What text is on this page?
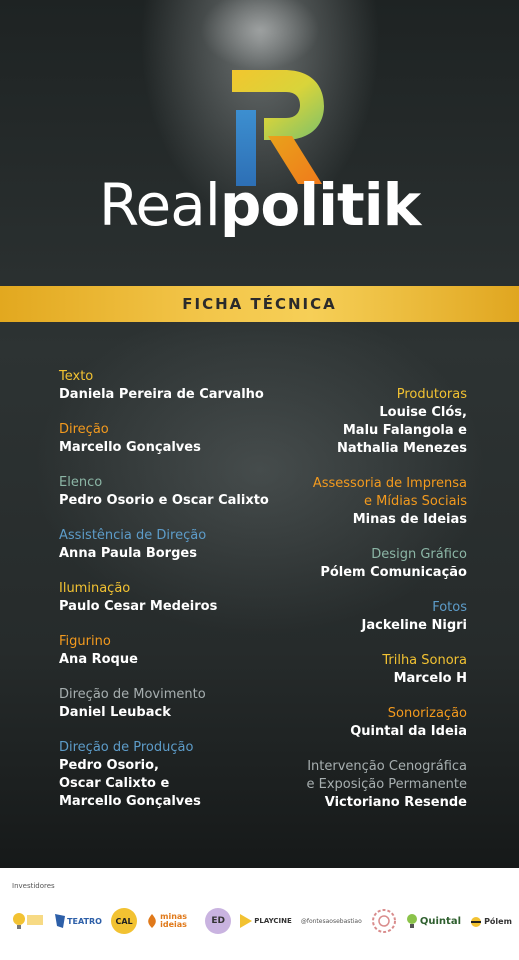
Realpolitik
FICHA TÉCNICA
Texto
Daniela Pereira de Carvalho
Direção
Marcello Gonçalves
Elenco
Pedro Osorio e Oscar Calixto
Assistência de Direção
Anna Paula Borges
Iluminação
Paulo Cesar Medeiros
Figurino
Ana Roque
Direção de Movimento
Daniel Leuback
Direção de Produção
Pedro Osorio,
Oscar Calixto e
Marcello Gonçalves
Produtoras
Louise Clós,
Malu Falangola e
Nathalia Menezes
Assessoria de Imprensa
e Mídias Sociais
Minas de Ideias
Design Gráfico
Pólem Comunicação
Fotos
Jackeline Nigri
Trilha Sonora
Marcelo H
Sonorização
Quintal da Ideia
Intervenção Cenográfica
e Exposição Permanente
Victoriano Resende
Investidores
TEATRO	CAL	minas ideias	ED	PLAYCINE @fontesaosebastiao	Quintal	Pólem
